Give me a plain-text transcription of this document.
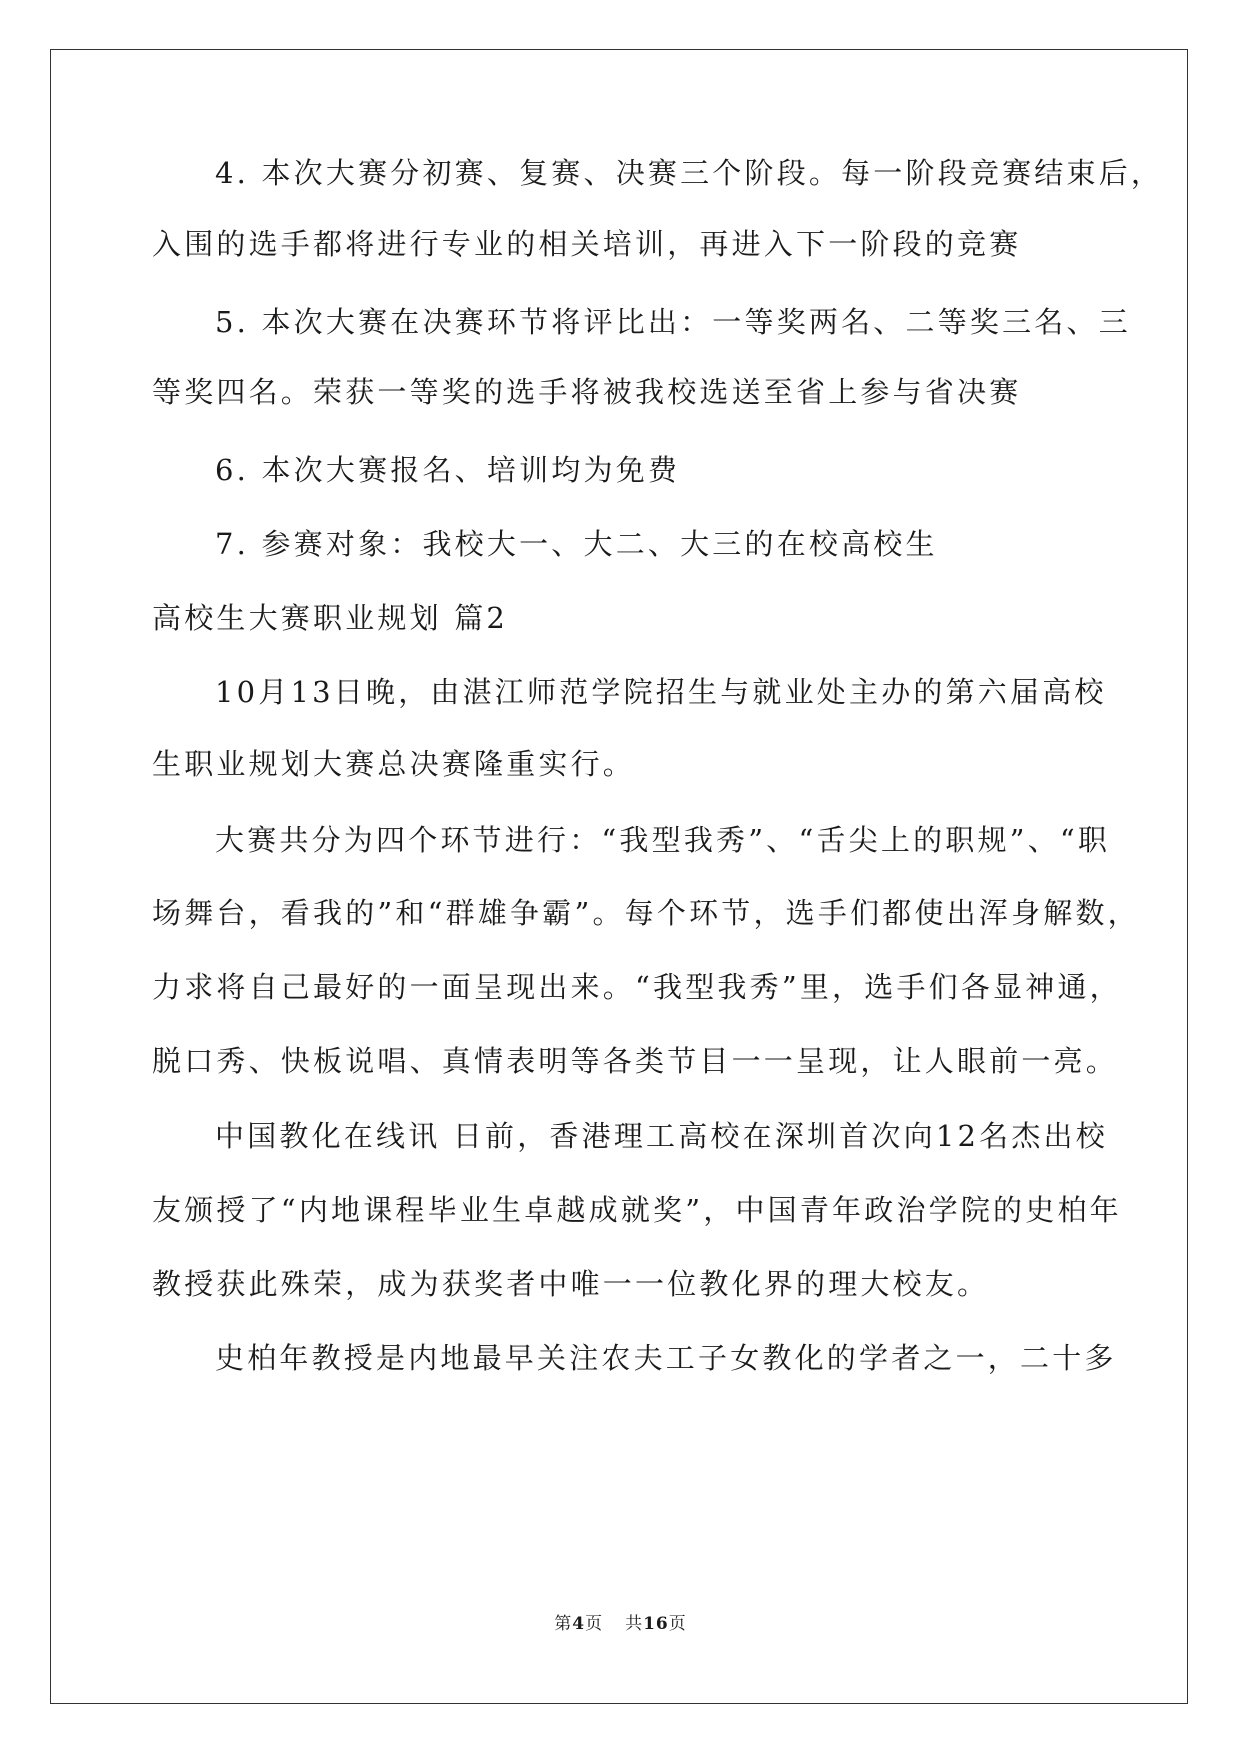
4. 本次大赛分初赛、复赛、决赛三个阶段。每一阶段竞赛结束后，
入围的选手都将进行专业的相关培训，再进入下一阶段的竞赛
5. 本次大赛在决赛环节将评比出：一等奖两名、二等奖三名、三
等奖四名。荣获一等奖的选手将被我校选送至省上参与省决赛
6. 本次大赛报名、培训均为免费
7. 参赛对象：我校大一、大二、大三的在校高校生
高校生大赛职业规划 篇2
10月13日晚，由湛江师范学院招生与就业处主办的第六届高校
生职业规划大赛总决赛隆重实行。
大赛共分为四个环节进行：“我型我秀”、“舌尖上的职规”、“职
场舞台，看我的”和“群雄争霸”。每个环节，选手们都使出浑身解数，
力求将自己最好的一面呈现出来。“我型我秀”里，选手们各显神通，
脱口秀、快板说唱、真情表明等各类节目一一呈现，让人眼前一亮。
中国教化在线讯 日前，香港理工高校在深圳首次向12名杰出校
友颁授了“内地课程毕业生卓越成就奖”，中国青年政治学院的史柏年
教授获此殊荣，成为获奖者中唯一一位教化界的理大校友。
史柏年教授是内地最早关注农夫工子女教化的学者之一，二十多
第4页 共16页
